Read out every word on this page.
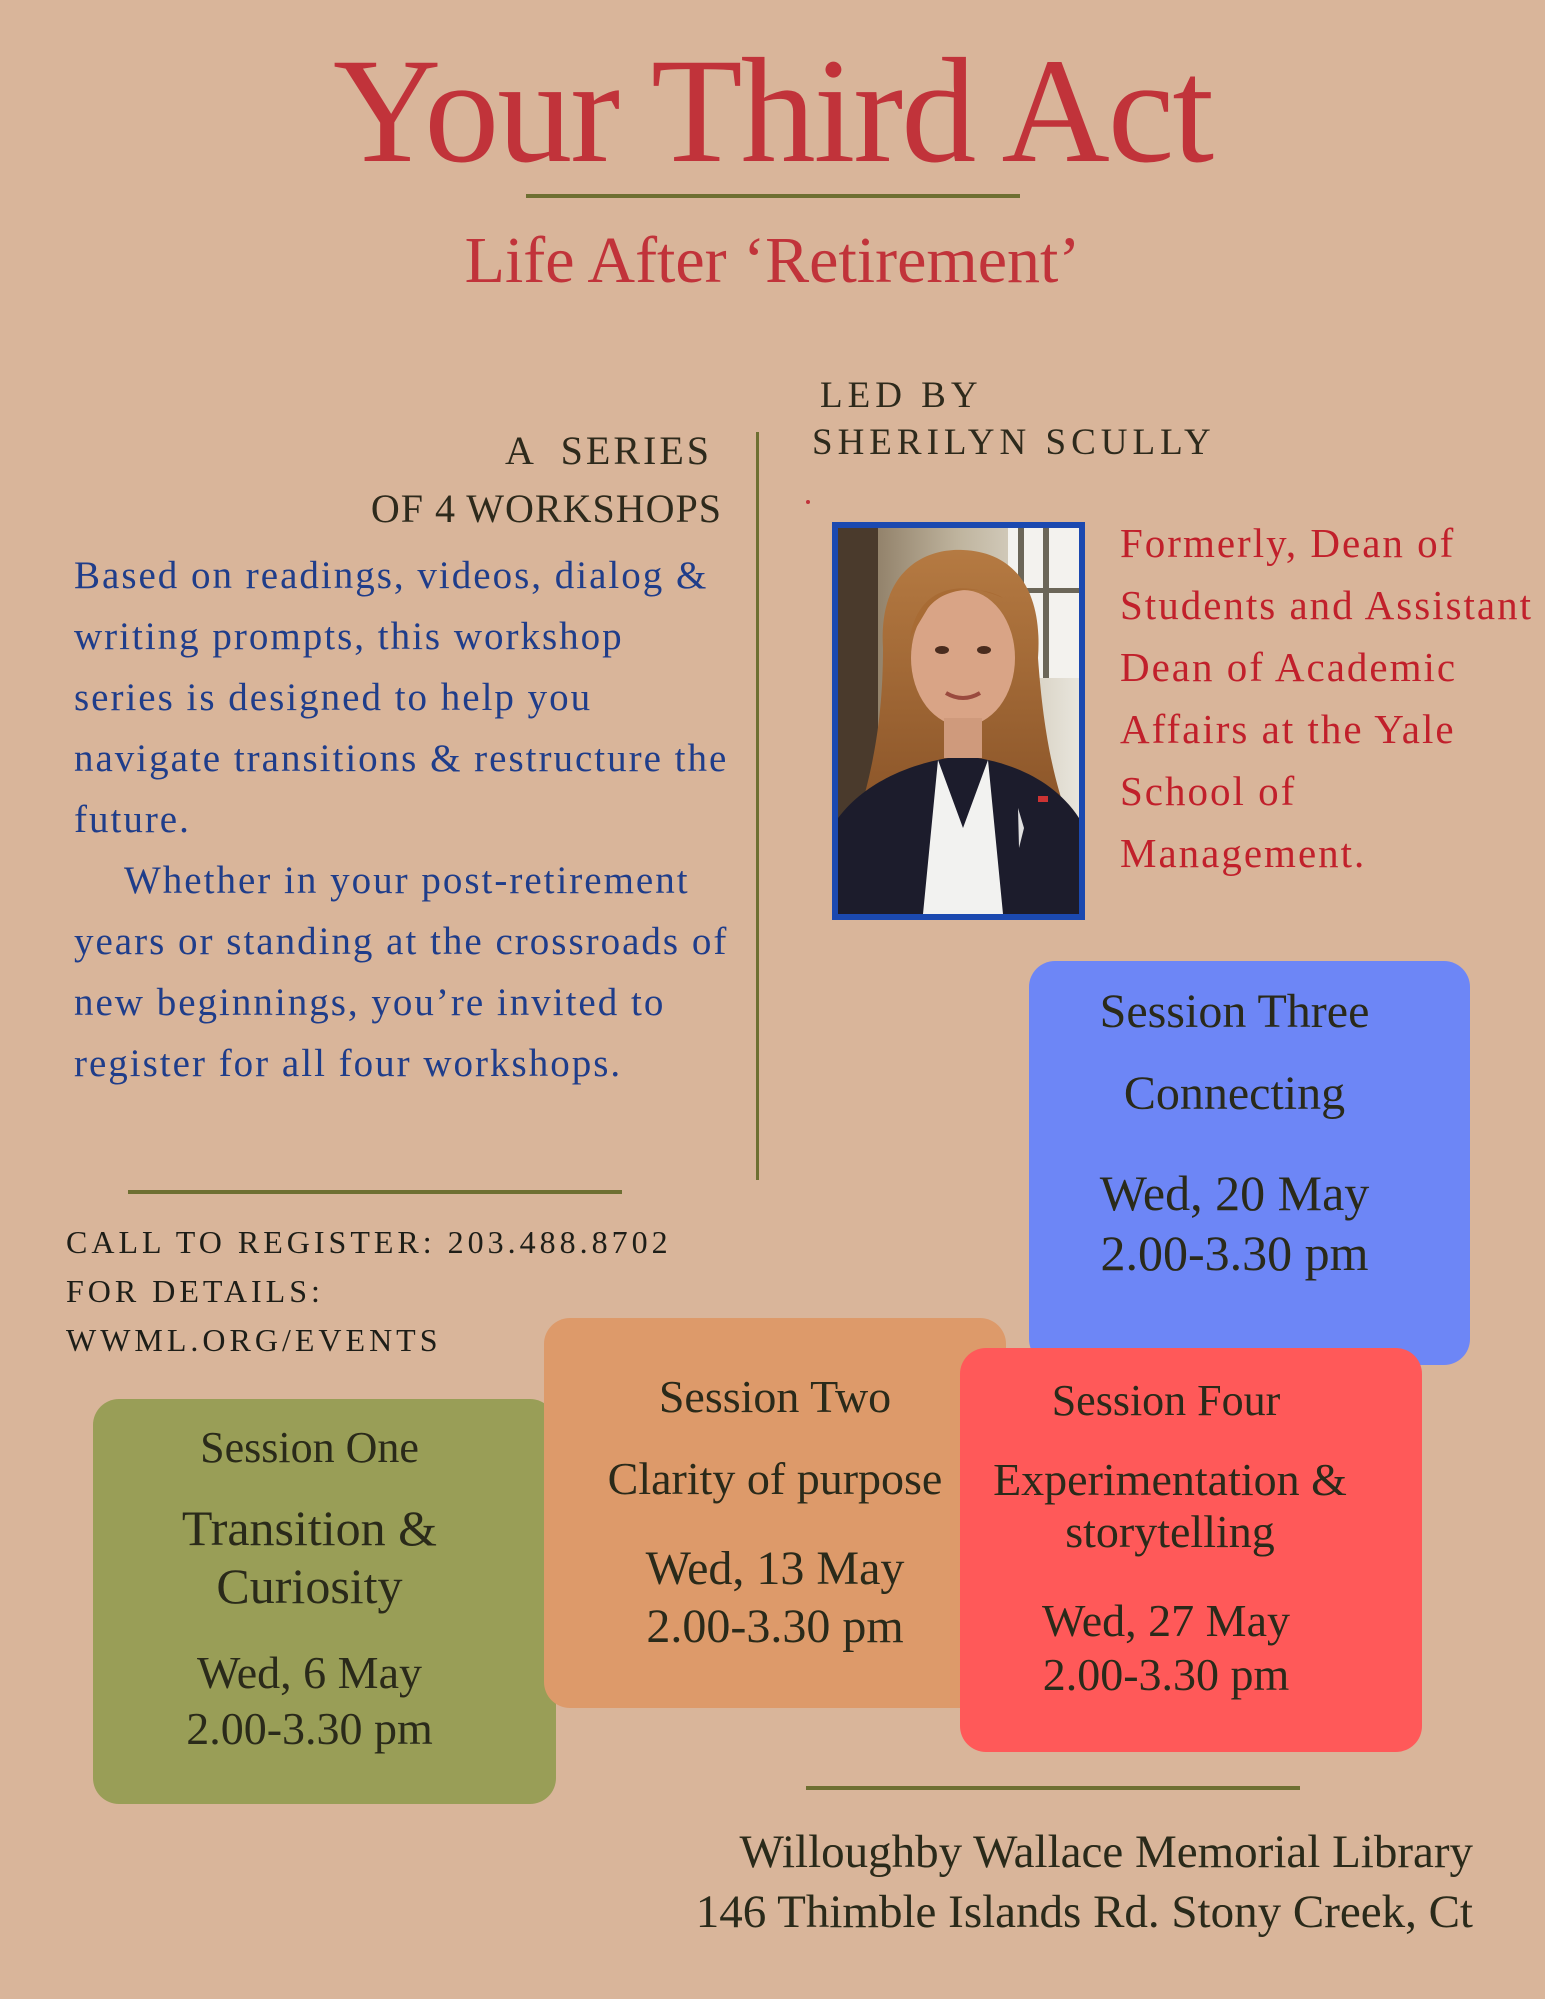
Your Third Act
Life After ‘Retirement’
LED BY
SHERILYN SCULLY
A  SERIES
OF 4 WORKSHOPS

Based on readings, videos, dialog & writing prompts, this workshop series is designed to help you navigate transitions & restructure the future.

Whether in your post-retirement years or standing at the crossroads of new beginnings, you’re invited to register for all four workshops.

Formerly, Dean of Students and Assistant Dean of Academic Affairs at the Yale School of Management.
CALL TO REGISTER: 203.488.8702
FOR DETAILS:
WWML.ORG/EVENTS
Session Three
Connecting
Wed, 20 May
2.00-3.30 pm
Session One
Transition & Curiosity
Wed, 6 May
2.00-3.30 pm
Session Two
Clarity of purpose
Wed, 13 May
2.00-3.30 pm
Session Four
Experimentation & storytelling
Wed, 27 May
2.00-3.30 pm
Willoughby Wallace Memorial Library
146 Thimble Islands Rd. Stony Creek, Ct
